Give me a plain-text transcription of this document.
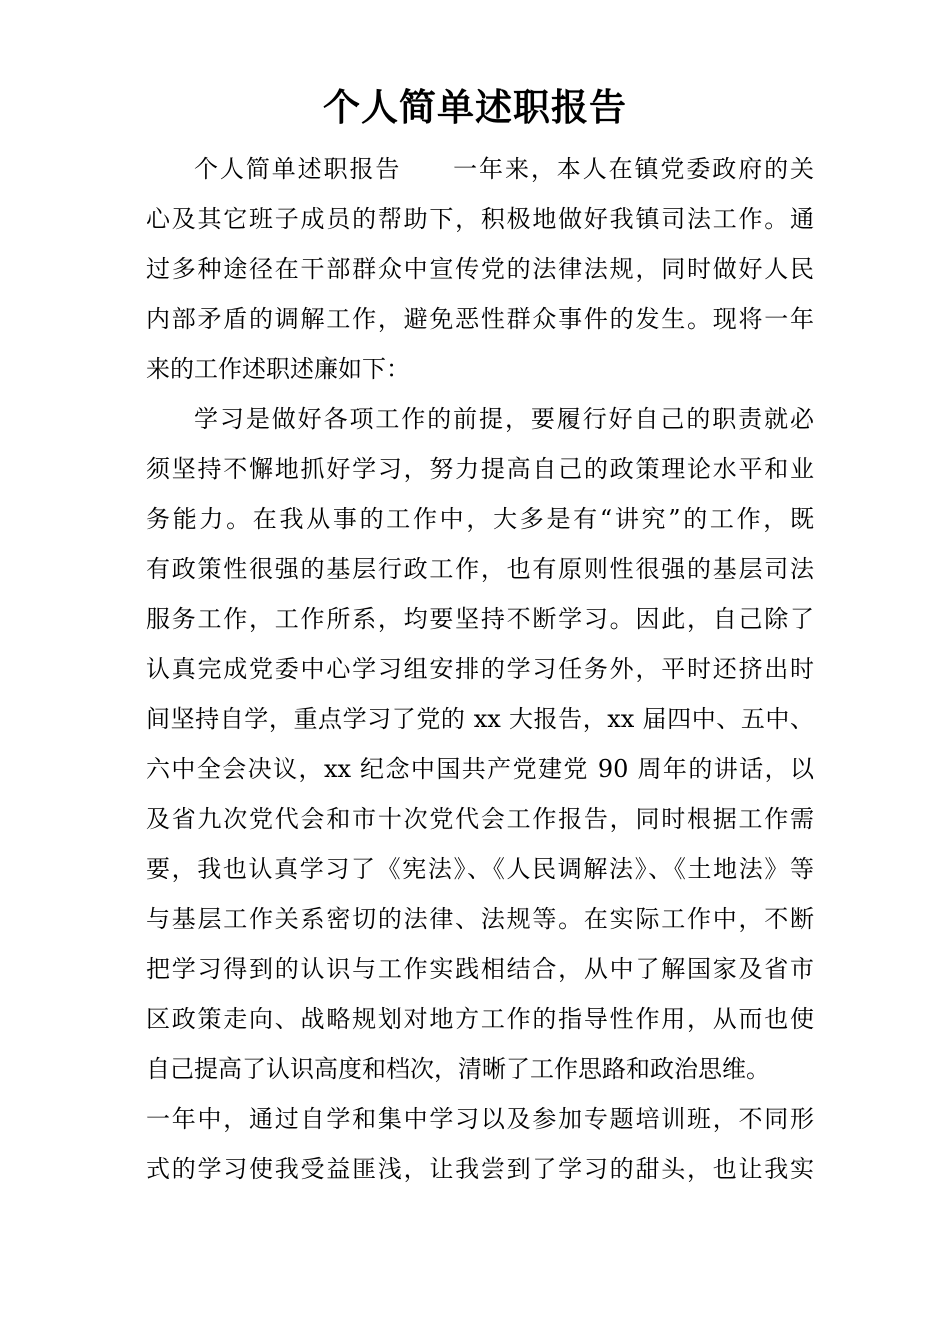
个人简单述职报告
个人简单述职报告　　一年来，本人在镇党委政府的关
心及其它班子成员的帮助下，积极地做好我镇司法工作。通
过多种途径在干部群众中宣传党的法律法规，同时做好人民
内部矛盾的调解工作，避免恶性群众事件的发生。现将一年
来的工作述职述廉如下：
学习是做好各项工作的前提，要履行好自己的职责就必
须坚持不懈地抓好学习，努力提高自己的政策理论水平和业
务能力。在我从事的工作中，大多是有“讲究”的工作，既
有政策性很强的基层行政工作，也有原则性很强的基层司法
服务工作，工作所系，均要坚持不断学习。因此，自己除了
认真完成党委中心学习组安排的学习任务外，平时还挤出时
间坚持自学，重点学习了党的 xx 大报告，xx 届四中、五中、
六中全会决议，xx 纪念中国共产党建党 90 周年的讲话，以
及省九次党代会和市十次党代会工作报告，同时根据工作需
要，我也认真学习了《宪法》、《人民调解法》、《土地法》等
与基层工作关系密切的法律、法规等。在实际工作中，不断
把学习得到的认识与工作实践相结合，从中了解国家及省市
区政策走向、战略规划对地方工作的指导性作用，从而也使
自己提高了认识高度和档次，清晰了工作思路和政治思维。
一年中，通过自学和集中学习以及参加专题培训班，不同形
式的学习使我受益匪浅，让我尝到了学习的甜头，也让我实
